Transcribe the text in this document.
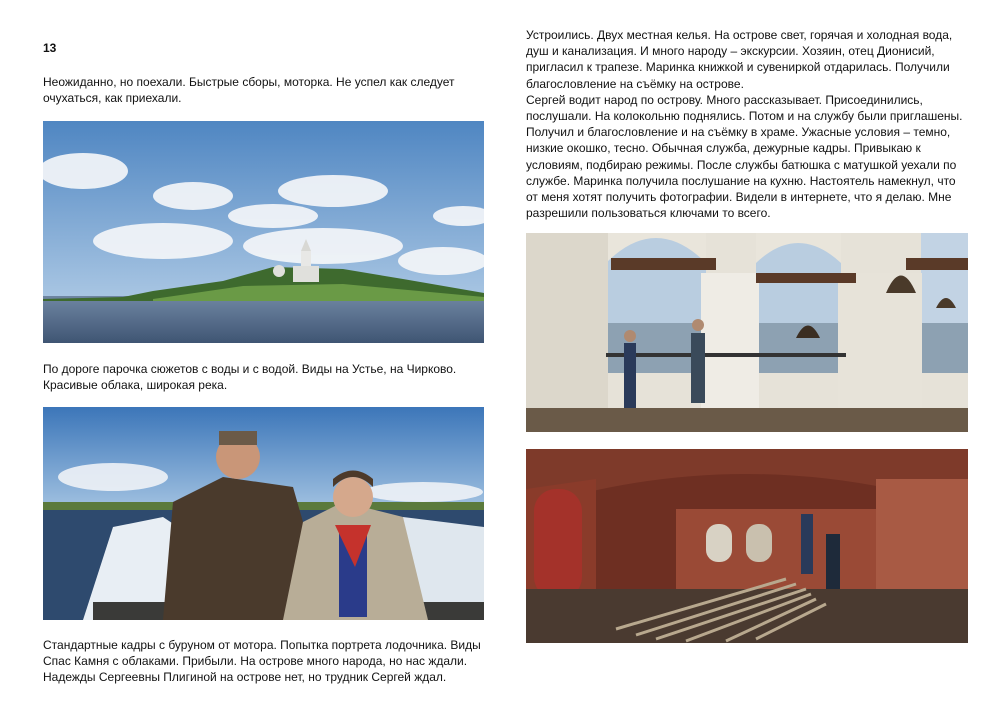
13

Неожиданно, но поехали. Быстрые сборы, моторка. Не успел как следует
очухаться, как приехали.

По дороге парочка сюжетов с воды и с водой. Виды на Устье, на Чирково.
Красивые облака, широкая река.

Стандартные кадры с буруном от мотора. Попытка портрета лодочника. Виды
Спас Камня с облаками. Прибыли. На острове много народа, но нас ждали.
Надежды Сергеевны Плигиной на острове нет, но трудник Сергей ждал.

Устроились. Двух местная келья. На острове свет, горячая и холодная вода,
душ и канализация. И много народу – экскурсии. Хозяин, отец Дионисий,
пригласил к трапезе. Маринка книжкой и сувениркой отдарилась. Получили
благословление на съёмку на острове.
Сергей водит народ по острову. Много рассказывает. Присоединились,
послушали. На колокольню поднялись. Потом и на службу были приглашены.
Получил и благословление и на съёмку в храме. Ужасные условия – темно,
низкие окошко, тесно. Обычная служба, дежурные кадры. Привыкаю к
условиям, подбираю режимы. После службы батюшка с матушкой уехали по
службе. Маринка получила послушание на кухню. Настоятель намекнул, что
от меня хотят получить фотографии. Видели в интернете, что я делаю. Мне
разрешили пользоваться ключами то всего.
